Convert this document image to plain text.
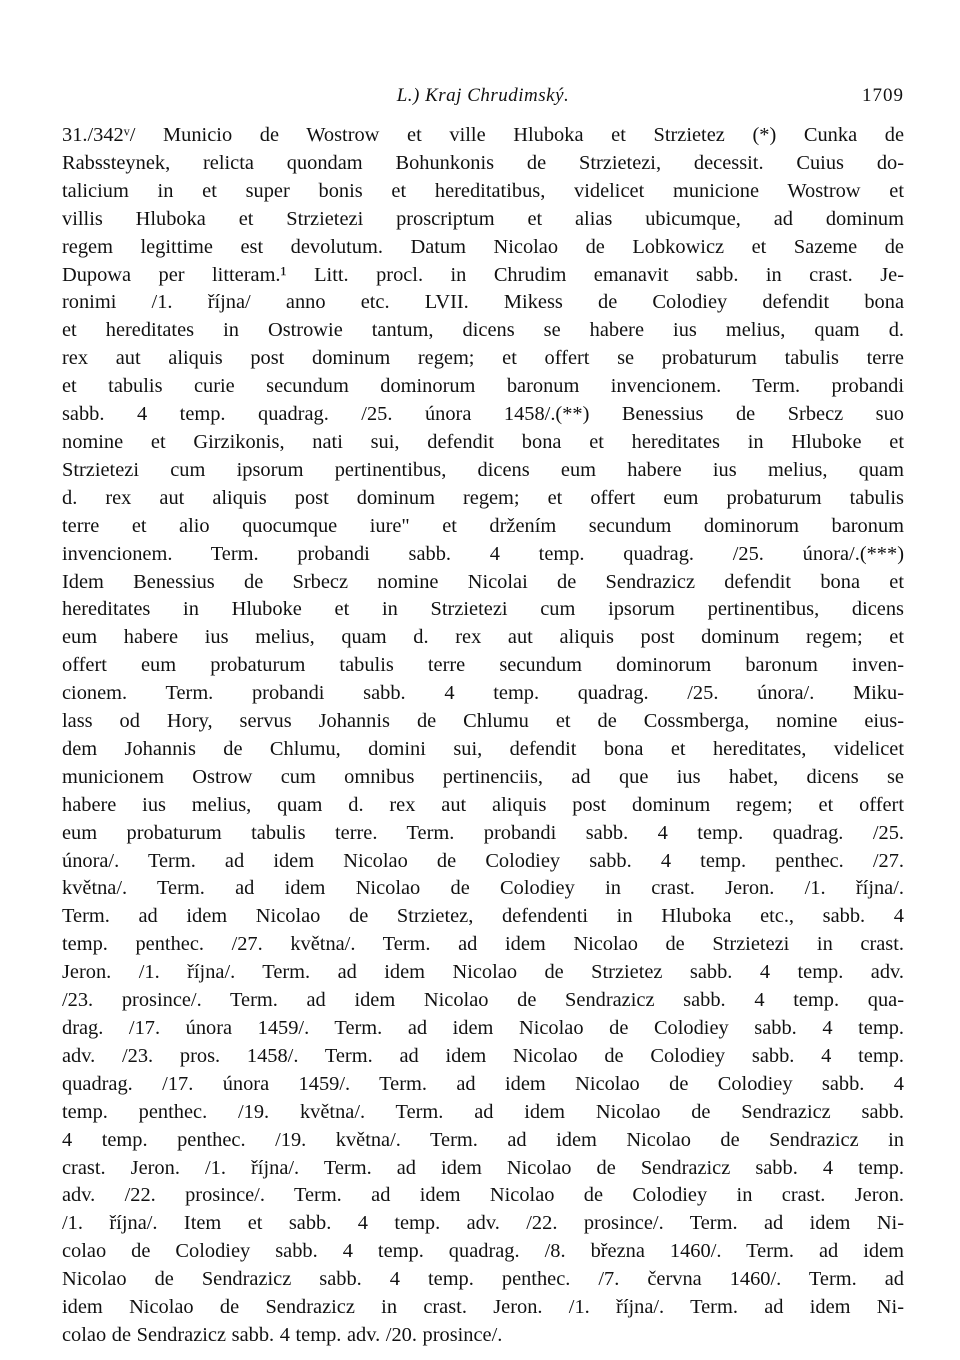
L.) Kraj Chrudimský.	1709
31./342ᵛ/ Municio de Wostrow et ville Hluboka et Strzietez (*) Cunka de
Rabssteynek, relicta quondam Bohunkonis de Strzietezi, decessit. Cuius do-
talicium in et super bonis et hereditatibus, videlicet municione Wostrow et
villis Hluboka et Strzietezi proscriptum et alias ubicumque, ad dominum
regem legittime est devolutum. Datum Nicolao de Lobkowicz et Sazeme de
Dupowa per litteram.¹ Litt. procl. in Chrudim emanavit sabb. in crast. Je-
ronimi /1. října/ anno etc. LVII. Mikess de Colodiey defendit bona
et hereditates in Ostrowie tantum, dicens se habere ius melius, quam d.
rex aut aliquis post dominum regem; et offert se probaturum tabulis terre
et tabulis curie secundum dominorum baronum invencionem. Term. probandi
sabb. 4 temp. quadrag. /25. února 1458/.(**) Benessius de Srbecz suo
nomine et Girzikonis, nati sui, defendit bona et hereditates in Hluboke et
Strzietezi cum ipsorum pertinentibus, dicens eum habere ius melius, quam
d. rex aut aliquis post dominum regem; et offert eum probaturum tabulis
terre et alio quocumque iure" et držením secundum dominorum baronum
invencionem. Term. probandi sabb. 4 temp. quadrag. /25. února/.(***)
Idem Benessius de Srbecz nomine Nicolai de Sendrazicz defendit bona et
hereditates in Hluboke et in Strzietezi cum ipsorum pertinentibus, dicens
eum habere ius melius, quam d. rex aut aliquis post dominum regem; et
offert eum probaturum tabulis terre secundum dominorum baronum inven-
cionem. Term. probandi sabb. 4 temp. quadrag. /25. února/. Miku-
lass od Hory, servus Johannis de Chlumu et de Cossmberga, nomine eius-
dem Johannis de Chlumu, domini sui, defendit bona et hereditates, videlicet
municionem Ostrow cum omnibus pertinenciis, ad que ius habet, dicens se
habere ius melius, quam d. rex aut aliquis post dominum regem; et offert
eum probaturum tabulis terre. Term. probandi sabb. 4 temp. quadrag. /25.
února/. Term. ad idem Nicolao de Colodiey sabb. 4 temp. penthec. /27.
května/. Term. ad idem Nicolao de Colodiey in crast. Jeron. /1. října/.
Term. ad idem Nicolao de Strzietez, defendenti in Hluboka etc., sabb. 4
temp. penthec. /27. května/. Term. ad idem Nicolao de Strzietezi in crast.
Jeron. /1. října/. Term. ad idem Nicolao de Strzietez sabb. 4 temp. adv.
/23. prosince/. Term. ad idem Nicolao de Sendrazicz sabb. 4 temp. qua-
drag. /17. února 1459/. Term. ad idem Nicolao de Colodiey sabb. 4 temp.
adv. /23. pros. 1458/. Term. ad idem Nicolao de Colodiey sabb. 4 temp.
quadrag. /17. února 1459/. Term. ad idem Nicolao de Colodiey sabb. 4
temp. penthec. /19. května/. Term. ad idem Nicolao de Sendrazicz sabb.
4 temp. penthec. /19. května/. Term. ad idem Nicolao de Sendrazicz in
crast. Jeron. /1. října/. Term. ad idem Nicolao de Sendrazicz sabb. 4 temp.
adv. /22. prosince/. Term. ad idem Nicolao de Colodiey in crast. Jeron.
/1. října/. Item et sabb. 4 temp. adv. /22. prosince/. Term. ad idem Ni-
colao de Colodiey sabb. 4 temp. quadrag. /8. března 1460/. Term. ad idem
Nicolao de Sendrazicz sabb. 4 temp. penthec. /7. června 1460/. Term. ad
idem Nicolao de Sendrazicz in crast. Jeron. /1. října/. Term. ad idem Ni-
colao de Sendrazicz sabb. 4 temp. adv. /20. prosince/.
